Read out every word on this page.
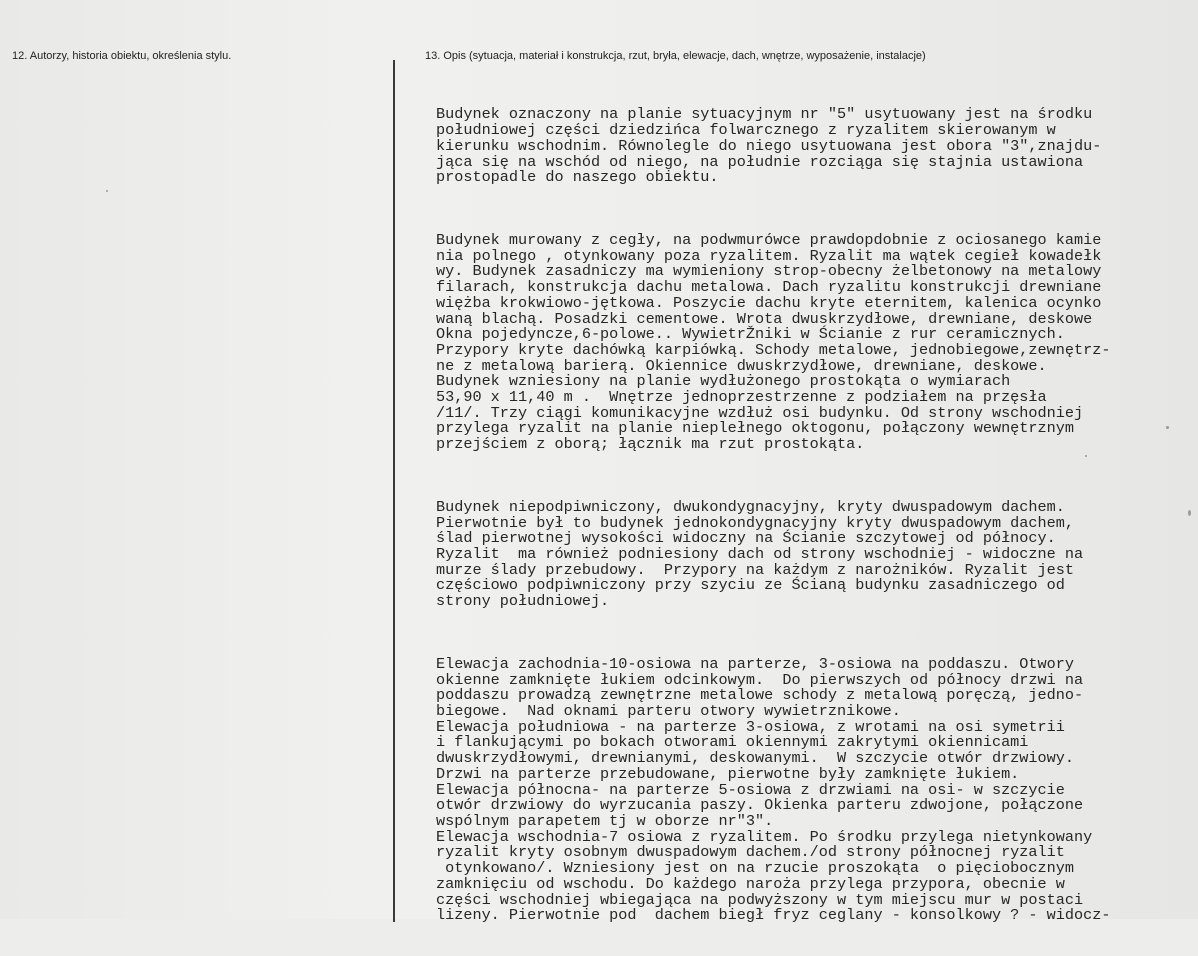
12. Autorzy, historia obiektu, określenia stylu.	13. Opis (sytuacja, materiał i konstrukcja, rzut, bryła, elewacje, dach, wnętrze, wyposażenie, instalacje)

Budynek oznaczony na planie sytuacyjnym nr "5" usytuowany jest na środku
południowej części dziedzińca folwarcznego z ryzalitem skierowanym w
kierunku wschodnim. Równolegle do niego usytuowana jest obora "3",znajdu-
jąca się na wschód od niego, na południe rozciąga się stajnia ustawiona
prostopadle do naszego obiektu.

Budynek murowany z cegły, na podwmurówce prawdopdobnie z ociosanego kamie
nia polnego , otynkowany poza ryzalitem. Ryzalit ma wątek cegieł kowadełk
wy. Budynek zasadniczy ma wymieniony strop-obecny żelbetonowy na metalowy
filarach, konstrukcja dachu metalowa. Dach ryzalitu konstrukcji drewniane
więżba krokwiowo-jętkowa. Poszycie dachu kryte eternitem, kalenica ocynko
waną blachą. Posadzki cementowe. Wrota dwuskrzydłowe, drewniane, deskowe
Okna pojedyncze,6-polowe.. WywietrŽniki w Ścianie z rur ceramicznych.
Przypory kryte dachówką karpiówką. Schody metalowe, jednobiegowe,zewnętrz-
ne z metalową barierą. Okiennice dwuskrzydłowe, drewniane, deskowe.
Budynek wzniesiony na planie wydłużonego prostokąta o wymiarach
53,90 x 11,40 m .  Wnętrze jednoprzestrzenne z podziałem na przęsła
/11/. Trzy ciągi komunikacyjne wzdłuż osi budynku. Od strony wschodniej
przylega ryzalit na planie nieplełnego oktogonu, połączony wewnętrznym
przejściem z oborą; łącznik ma rzut prostokąta.

Budynek niepodpiwniczony, dwukondygnacyjny, kryty dwuspadowym dachem.
Pierwotnie był to budynek jednokondygnacyjny kryty dwuspadowym dachem,
ślad pierwotnej wysokości widoczny na Ścianie szczytowej od północy.
Ryzalit  ma również podniesiony dach od strony wschodniej - widoczne na
murze ślady przebudowy.  Przypory na każdym z narożników. Ryzalit jest
częściowo podpiwniczony przy szyciu ze Ścianą budynku zasadniczego od
strony południowej.

Elewacja zachodnia-10-osiowa na parterze, 3-osiowa na poddaszu. Otwory
okienne zamknięte łukiem odcinkowym.  Do pierwszych od północy drzwi na
poddaszu prowadzą zewnętrzne metalowe schody z metalową poręczą, jedno-
biegowe.  Nad oknami parteru otwory wywietrznikowe.
Elewacja południowa - na parterze 3-osiowa, z wrotami na osi symetrii
i flankującymi po bokach otworami okiennymi zakrytymi okiennicami
dwuskrzydłowymi, drewnianymi, deskowanymi.  W szczycie otwór drzwiowy.
Drzwi na parterze przebudowane, pierwotne były zamknięte łukiem.
Elewacja północna- na parterze 5-osiowa z drzwiami na osi- w szczycie
otwór drzwiowy do wyrzucania paszy. Okienka parteru zdwojone, połączone
wspólnym parapetem tj w oborze nr"3".
Elewacja wschodnia-7 osiowa z ryzalitem. Po środku przylega nietynkowany
ryzalit kryty osobnym dwuspadowym dachem./od strony północnej ryzalit
otynkowano/. Wzniesiony jest on na rzucie proszokąta  o pięciobocznym
zamknięciu od wschodu. Do każdego naroża przylega przypora, obecnie w
części wschodniej wbiegająca na podwyższony w tym miejscu mur w postaci
lizeny. Pierwotnie pod  dachem biegł fryz ceglany - konsolkowy ? - widocz-
